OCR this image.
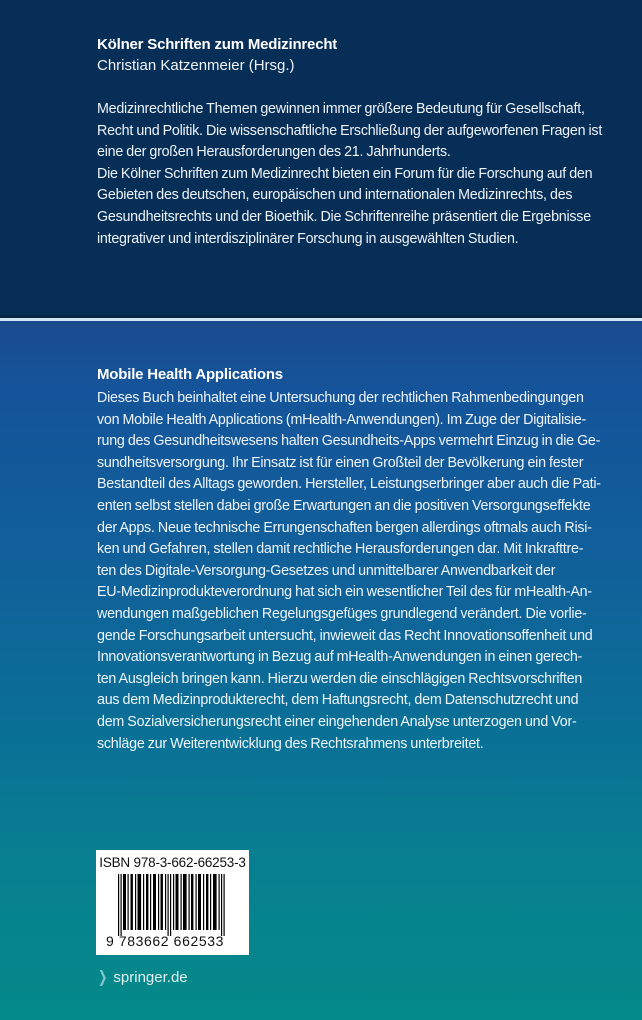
Kölner Schriften zum Medizinrecht
Christian Katzenmeier (Hrsg.)
Medizinrechtliche Themen gewinnen immer größere Bedeutung für Gesellschaft,
Recht und Politik. Die wissenschaftliche Erschließung der aufgeworfenen Fragen ist
eine der großen Herausforderungen des 21. Jahrhunderts.
Die Kölner Schriften zum Medizinrecht bieten ein Forum für die Forschung auf den
Gebieten des deutschen, europäischen und internationalen Medizinrechts, des
Gesundheitsrechts und der Bioethik. Die Schriftenreihe präsentiert die Ergebnisse
integrativer und interdisziplinärer Forschung in ausgewählten Studien.
Mobile Health Applications
Dieses Buch beinhaltet eine Untersuchung der rechtlichen Rahmenbedingungen
von Mobile Health Applications (mHealth-Anwendungen). Im Zuge der Digitalisie-
rung des Gesundheitswesens halten Gesundheits-Apps vermehrt Einzug in die Ge-
sundheitsversorgung. Ihr Einsatz ist für einen Großteil der Bevölkerung ein fester
Bestandteil des Alltags geworden. Hersteller, Leistungserbringer aber auch die Pati-
enten selbst stellen dabei große Erwartungen an die positiven Versorgungseffekte
der Apps. Neue technische Errungenschaften bergen allerdings oftmals auch Risi-
ken und Gefahren, stellen damit rechtliche Herausforderungen dar. Mit Inkrafttre-
ten des Digitale-Versorgung-Gesetzes und unmittelbarer Anwendbarkeit der
EU-Medizinprodukteverordnung hat sich ein wesentlicher Teil des für mHealth-An-
wendungen maßgeblichen Regelungsgefüges grundlegend verändert. Die vorlie-
gende Forschungsarbeit untersucht, inwieweit das Recht Innovationsoffenheit und
Innovationsverantwortung in Bezug auf mHealth-Anwendungen in einen gerech-
ten Ausgleich bringen kann. Hierzu werden die einschlägigen Rechtsvorschriften
aus dem Medizinprodukterecht, dem Haftungsrecht, dem Datenschutzrecht und
dem Sozialversicherungsrecht einer eingehenden Analyse unterzogen und Vor-
schläge zur Weiterentwicklung des Rechtsrahmens unterbreitet.
ISBN 978-3-662-66253-3
9 783662 662533
❯ springer.de
